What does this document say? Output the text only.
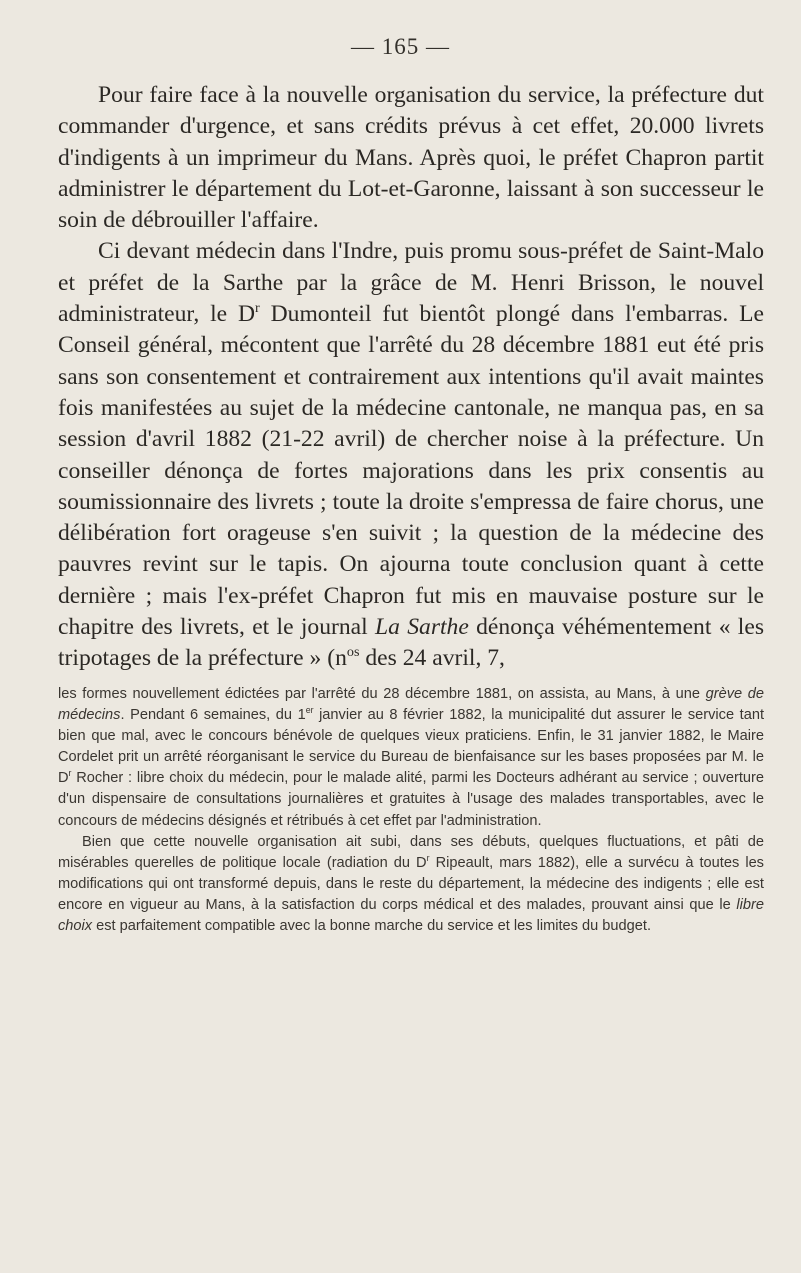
— 165 —

Pour faire face à la nouvelle organisation du service, la préfecture dut commander d'urgence, et sans crédits prévus à cet effet, 20.000 livrets d'indigents à un imprimeur du Mans. Après quoi, le préfet Chapron partit administrer le département du Lot-et-Garonne, laissant à son successeur le soin de débrouiller l'affaire.

Ci devant médecin dans l'Indre, puis promu sous-préfet de Saint-Malo et préfet de la Sarthe par la grâce de M. Henri Brisson, le nouvel administrateur, le $D^r$ Dumonteil fut bientôt plongé dans l'embarras. Le Conseil général, mécontent que l'arrêté du 28 décembre 1881 eut été pris sans son consentement et contrairement aux intentions qu'il avait maintes fois manifestées au sujet de la médecine cantonale, ne manqua pas, en sa session d'avril 1882 (21-22 avril) de chercher noise à la préfecture. Un conseiller dénonça de fortes majorations dans les prix consentis au soumissionnaire des livrets ; toute la droite s'empressa de faire chorus, une délibération fort orageuse s'en suivit ; la question de la médecine des pauvres revint sur le tapis. On ajourna toute conclusion quant à cette dernière ; mais l'ex-préfet Chapron fut mis en mauvaise posture sur le chapitre des livrets, et le journal La Sarthe dénonça véhémentement « les tripotages de la préfecture » ($n^{os}$ des 24 avril, 7,

les formes nouvellement édictées par l'arrêté du 28 décembre 1881, on assista, au Mans, à une grève de médecins. Pendant 6 semaines, du 1er janvier au 8 février 1882, la municipalité dut assurer le service tant bien que mal, avec le concours bénévole de quelques vieux praticiens. Enfin, le 31 janvier 1882, le Maire Cordelet prit un arrêté réorganisant le service du Bureau de bienfaisance sur les bases proposées par M. le $D^r$ Rocher : libre choix du médecin, pour le malade alité, parmi les Docteurs adhérant au service ; ouverture d'un dispensaire de consultations journalières et gratuites à l'usage des malades transportables, avec le concours de médecins désignés et rétribués à cet effet par l'administration.

Bien que cette nouvelle organisation ait subi, dans ses débuts, quelques fluctuations, et pâti de misérables querelles de politique locale (radiation du $D^r$ Ripeault, mars 1882), elle a survécu à toutes les modifications qui ont transformé depuis, dans le reste du département, la médecine des indigents ; elle est encore en vigueur au Mans, à la satisfaction du corps médical et des malades, prouvant ainsi que le libre choix est parfaitement compatible avec la bonne marche du service et les limites du budget.
